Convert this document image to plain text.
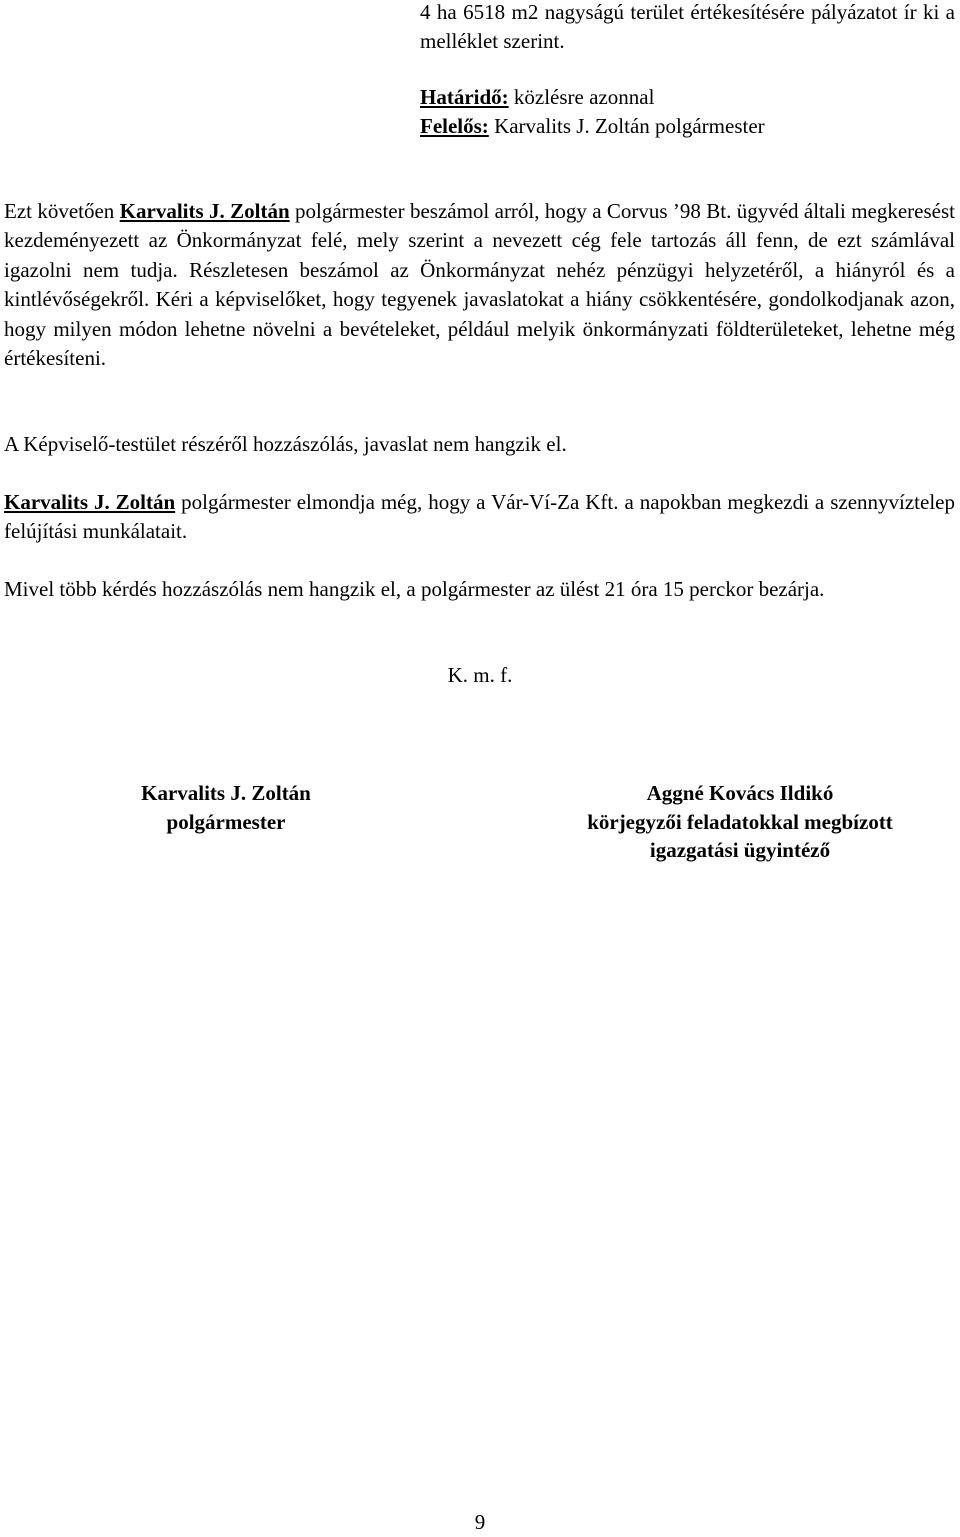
4 ha 6518 m2 nagyságú terület értékesítésére pályázatot ír ki a melléklet szerint.

Határidő: közlésre azonnal

Felelős: Karvalits J. Zoltán polgármester

Ezt követően Karvalits J. Zoltán polgármester beszámol arról, hogy a Corvus ’98 Bt. ügyvéd általi megkeresést kezdeményezett az Önkormányzat felé, mely szerint a nevezett cég fele tartozás áll fenn, de ezt számlával igazolni nem tudja. Részletesen beszámol az Önkormányzat nehéz pénzügyi helyzetéről, a hiányról és a kintlévőségekről. Kéri a képviselőket, hogy tegyenek javaslatokat a hiány csökkentésére, gondolkodjanak azon, hogy milyen módon lehetne növelni a bevételeket, például melyik önkormányzati földterületeket, lehetne még értékesíteni.

A Képviselő-testület részéről hozzászólás, javaslat nem hangzik el.

Karvalits J. Zoltán polgármester elmondja még, hogy a Vár-Ví-Za Kft. a napokban megkezdi a szennyvíztelep felújítási munkálatait.

Mivel több kérdés hozzászólás nem hangzik el, a polgármester az ülést 21 óra 15 perckor bezárja.

K. m. f.

Karvalits J. Zoltán
polgármester
Aggné Kovács Ildikó
körjegyzői feladatokkal megbízott
igazgatási ügyintéző
9
